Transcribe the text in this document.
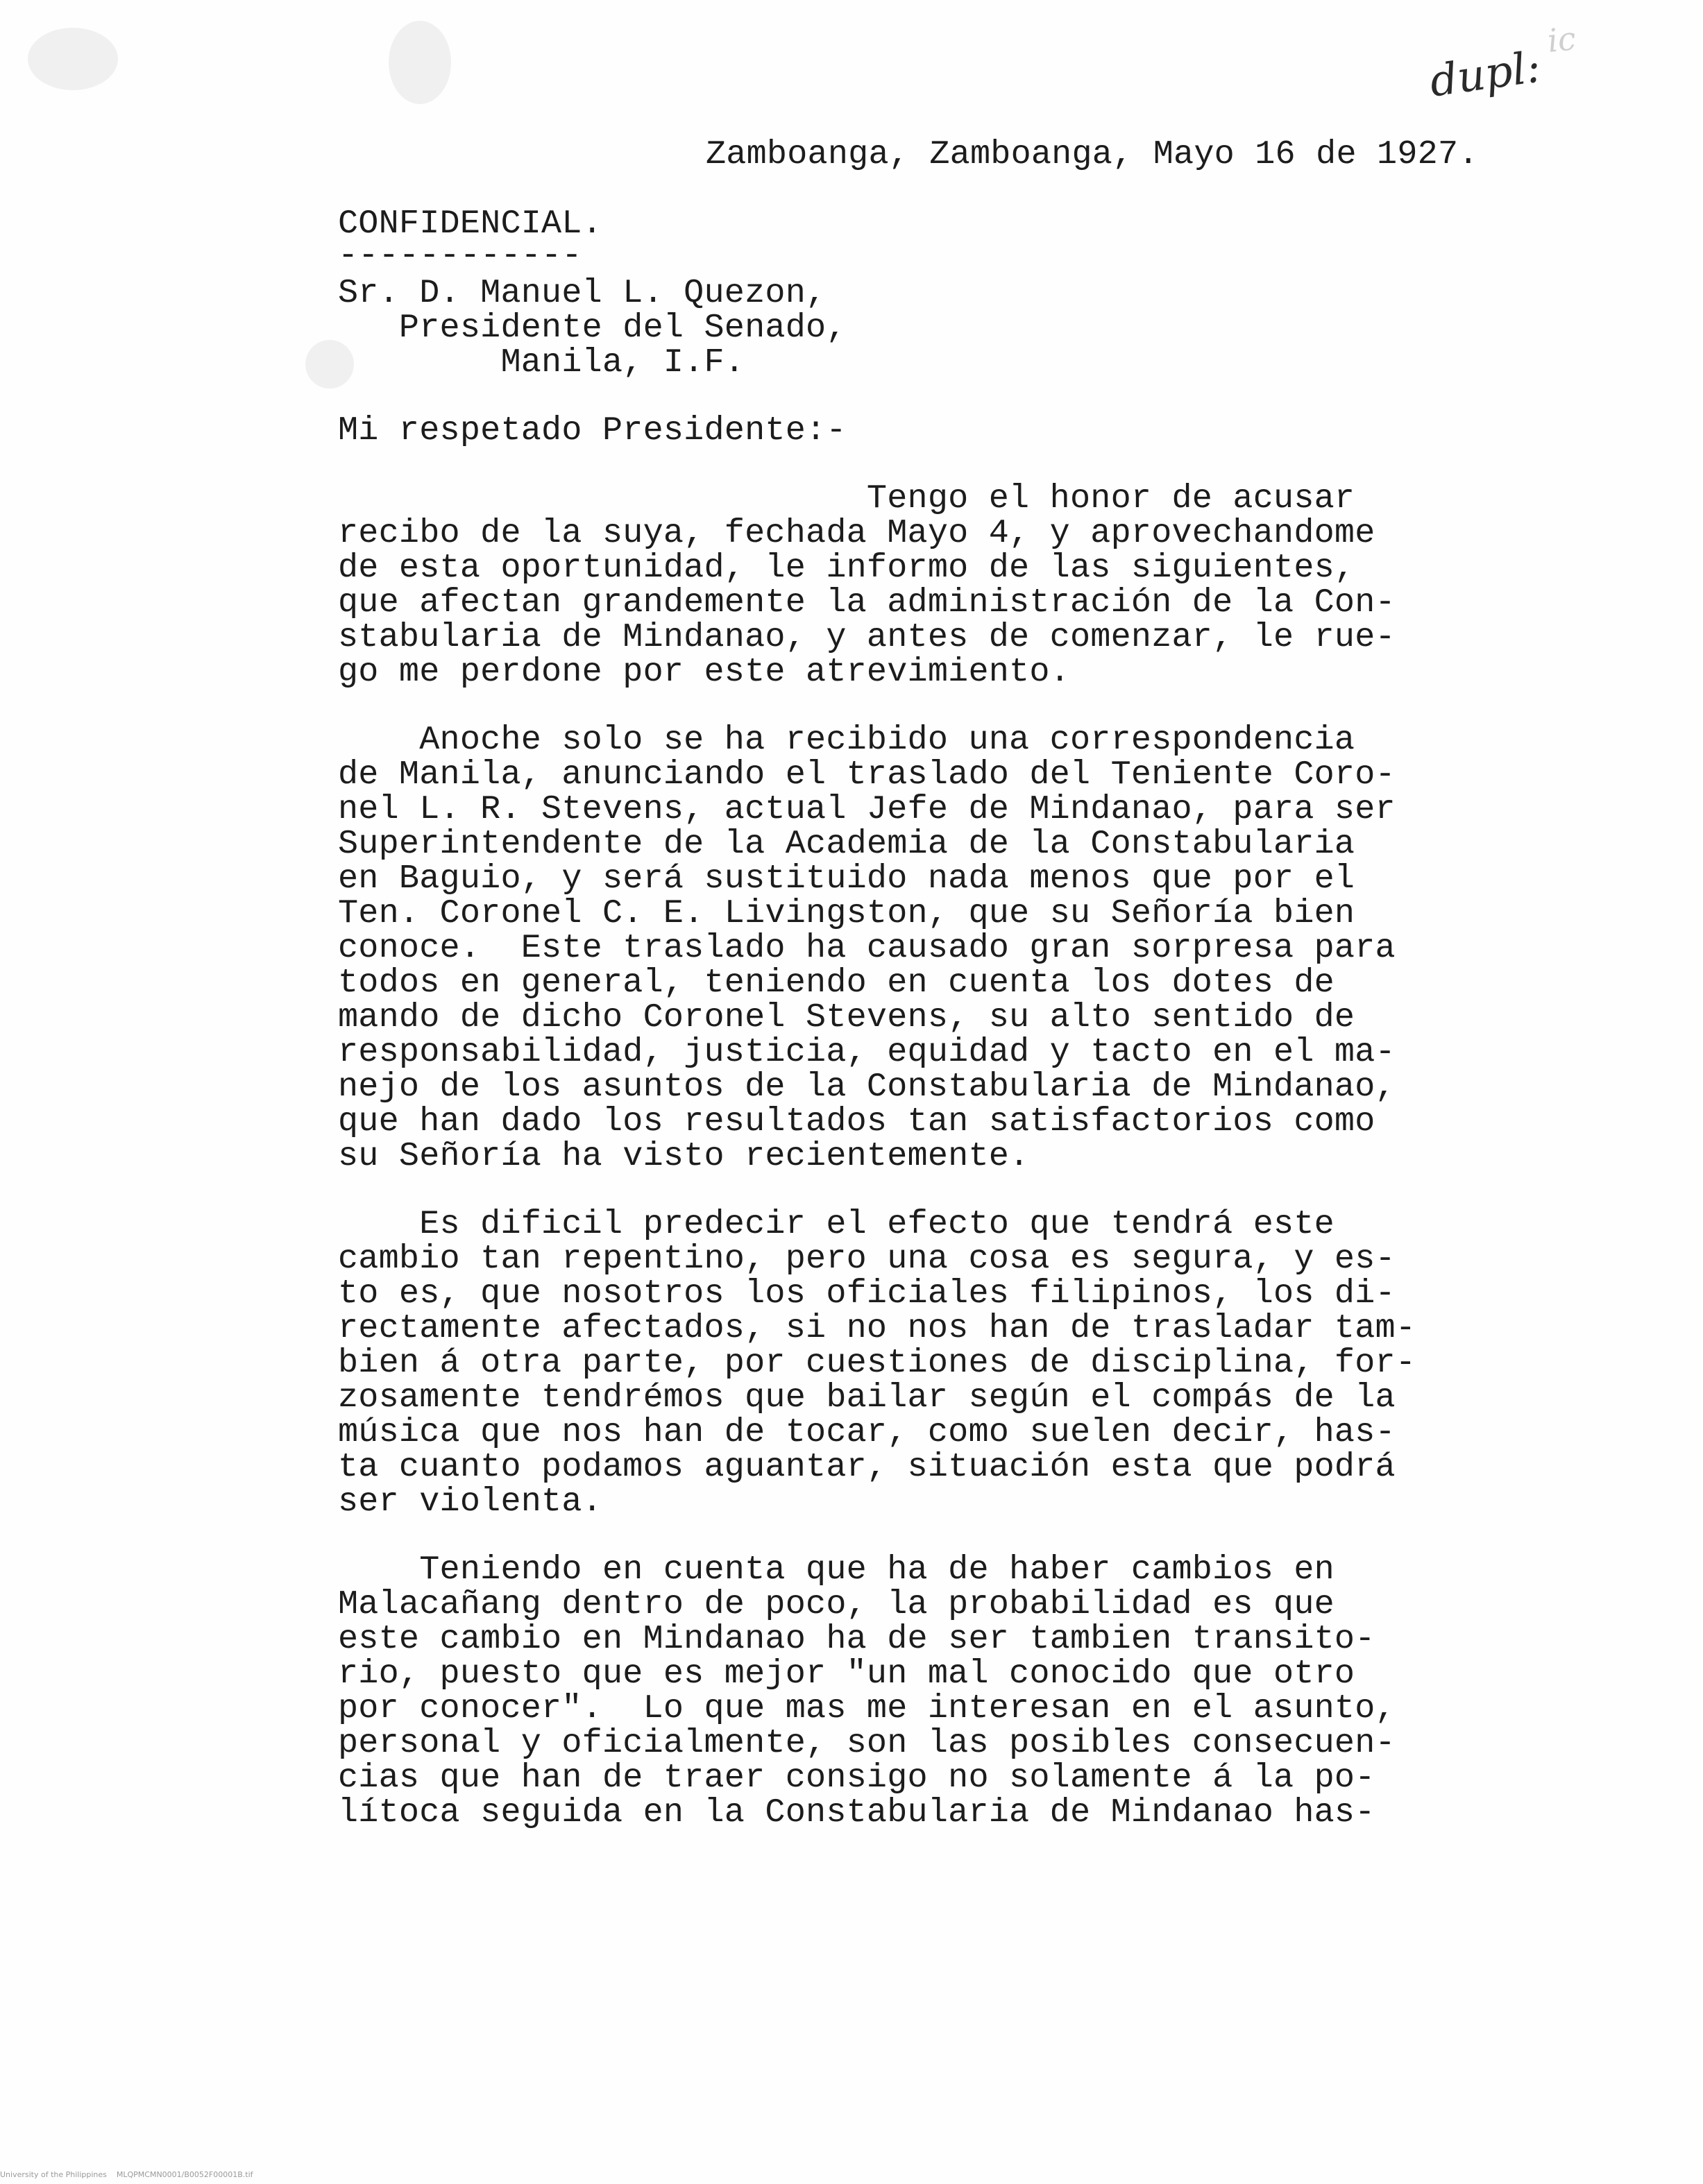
ic
dupl:
Zamboanga, Zamboanga, Mayo 16 de 1927.
CONFIDENCIAL.
------------
Sr. D. Manuel L. Quezon,
Presidente del Senado,
Manila, I.F.
Mi respetado Presidente:-
Tengo el honor de acusar
recibo de la suya, fechada Mayo 4, y aprovechandome
de esta oportunidad, le informo de las siguientes,
que afectan grandemente la administración de la Con-
stabularia de Mindanao, y antes de comenzar, le rue-
go me perdone por este atrevimiento.
Anoche solo se ha recibido una correspondencia
de Manila, anunciando el traslado del Teniente Coro-
nel L. R. Stevens, actual Jefe de Mindanao, para ser
Superintendente de la Academia de la Constabularia
en Baguio, y será sustituido nada menos que por el
Ten. Coronel C. E. Livingston, que su Señoría bien
conoce.  Este traslado ha causado gran sorpresa para
todos en general, teniendo en cuenta los dotes de
mando de dicho Coronel Stevens, su alto sentido de
responsabilidad, justicia, equidad y tacto en el ma-
nejo de los asuntos de la Constabularia de Mindanao,
que han dado los resultados tan satisfactorios como
su Señoría ha visto recientemente.
Es dificil predecir el efecto que tendrá este
cambio tan repentino, pero una cosa es segura, y es-
to es, que nosotros los oficiales filipinos, los di-
rectamente afectados, si no nos han de trasladar tam-
bien á otra parte, por cuestiones de disciplina, for-
zosamente tendrémos que bailar según el compás de la
música que nos han de tocar, como suelen decir, has-
ta cuanto podamos aguantar, situación esta que podrá
ser violenta.
Teniendo en cuenta que ha de haber cambios en
Malacañang dentro de poco, la probabilidad es que
este cambio en Mindanao ha de ser tambien transito-
rio, puesto que es mejor "un mal conocido que otro
por conocer".  Lo que mas me interesan en el asunto,
personal y oficialmente, son las posibles consecuen-
cias que han de traer consigo no solamente á la po-
lítoca seguida en la Constabularia de Mindanao has-
University of the Philippines    MLQPMCMN0001/B0052F00001B.tif
